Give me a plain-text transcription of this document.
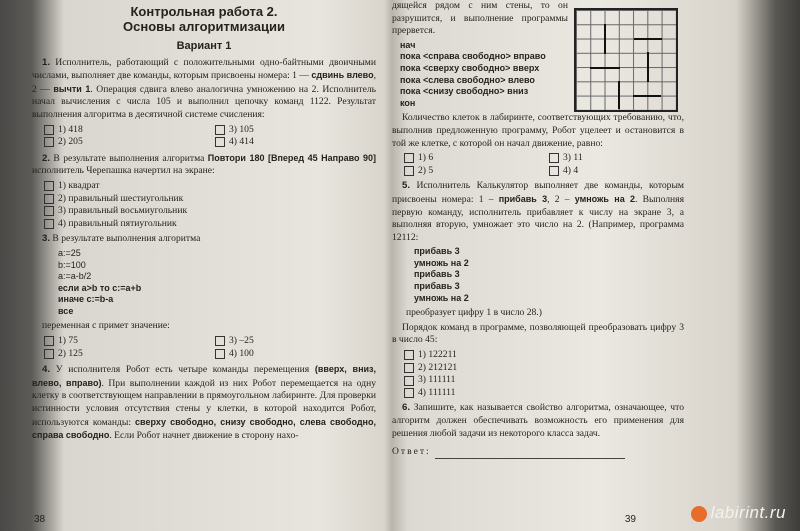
Контрольная работа 2.
Основы алгоритмизации
Вариант 1

1. Исполнитель, работающий с положительными одно-байтными двоичными числами, выполняет две команды, которым присвоены номера: 1 — сдвинь влево, 2 — вычти 1. Операция сдвига влево аналогична умножению на 2. Исполнитель начал вычисления с числа 105 и выполнил цепочку команд 1122. Результат выполнения алгоритма в десятичной системе счисления:

1) 418	3) 105
2) 205	4) 414

2. В результате выполнения алгоритма Повтори 180 [Вперед 45 Направо 90] исполнитель Черепашка начертил на экране:

1) квадрат
2) правильный шестиугольник
3) правильный восьмиугольник
4) правильный пятиугольник

3. В результате выполнения алгоритма

a:=25
b:=100
a:=a-b/2
если a>b то c:=a+b
иначе c:=b-a
все

переменная с примет значение:

1) 75	3) –25
2) 125	4) 100

4. У исполнителя Робот есть четыре команды перемещения (вверх, вниз, влево, вправо). При выполнении каждой из них Робот перемещается на одну клетку в соответствующем направлении в прямоугольном лабиринте. Для проверки истинности условия отсутствия стены у клетки, в которой находится Робот, используются команды: сверху свободно, снизу свободно, слева свободно, справа свободно. Если Робот начнет движение в сторону нахо-

38

дящейся рядом с ним стены, то он разрушится, и выполнение программы прервется.

нач
пока <справа свободно> вправо
пока <сверху свободно> вверх
пока <слева свободно> влево
пока <снизу свободно> вниз
кон

Количество клеток в лабиринте, соответствующих требованию, что, выполнив предложенную программу, Робот уцелеет и остановится в той же клетке, с которой он начал движение, равно:

1) 6	3) 11
2) 5	4) 4

5. Исполнитель Калькулятор выполняет две команды, которым присвоены номера: 1 – прибавь 3, 2 – умножь на 2. Выполняя первую команду, исполнитель прибавляет к числу на экране 3, а выполняя вторую, умножает это число на 2. (Например, программа 12112:

прибавь 3
умножь на 2
прибавь 3
прибавь 3
умножь на 2

преобразует цифру 1 в число 28.)

Порядок команд в программе, позволяющей преобразовать цифру 3 в число 45:

1) 122211
2) 212121
3) 111111
4) 111111

6. Запишите, как называется свойство алгоритма, означающее, что алгоритм должен обеспечивать возможность его применения для решения любой задачи из некоторого класса задач.

Ответ:
39	labirint.ru
